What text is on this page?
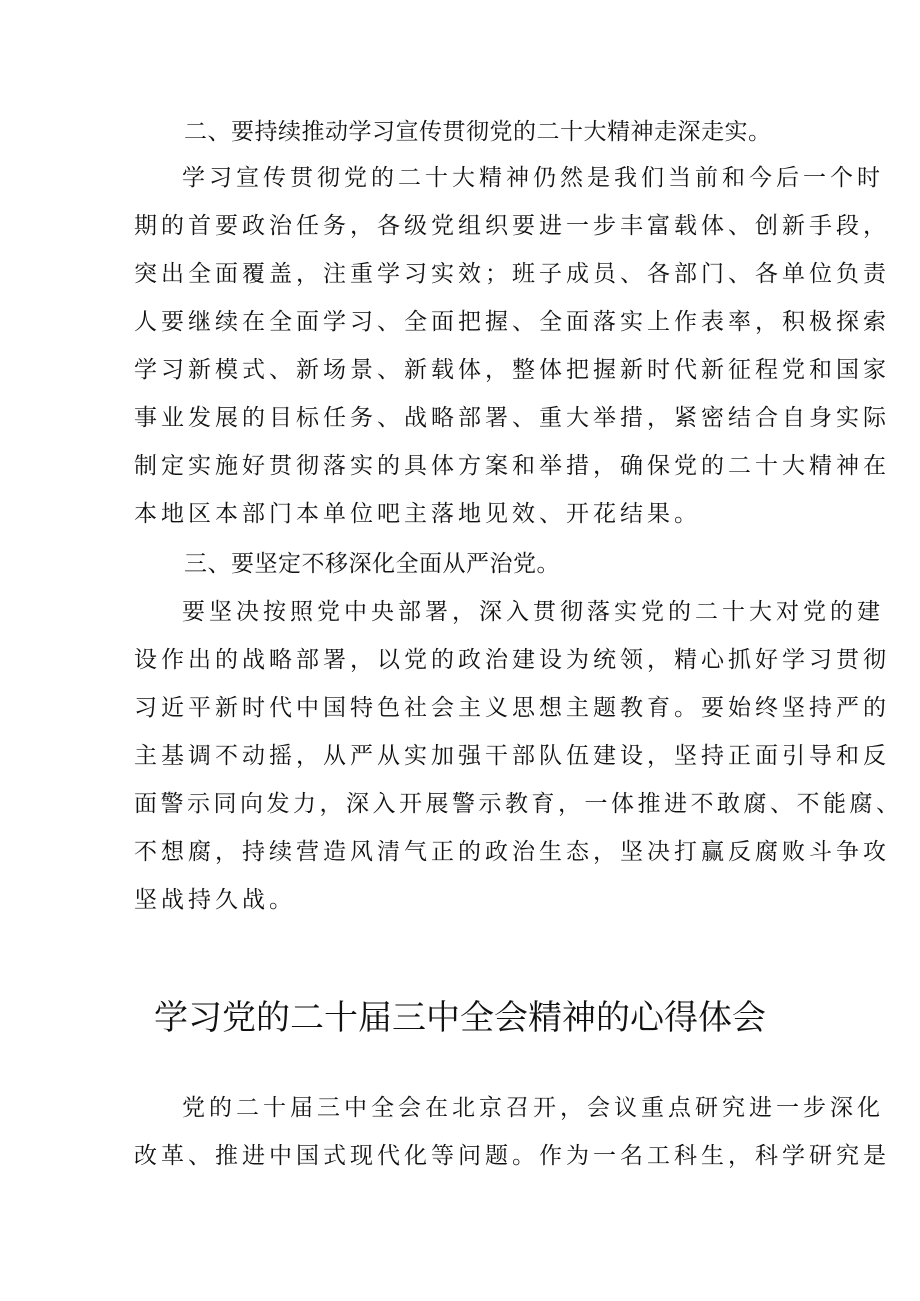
二、要持续推动学习宣传贯彻党的二十大精神走深走实。
学习宣传贯彻党的二十大精神仍然是我们当前和今后一个时
期的首要政治任务，各级党组织要进一步丰富载体、创新手段，
突出全面覆盖，注重学习实效；班子成员、各部门、各单位负责
人要继续在全面学习、全面把握、全面落实上作表率，积极探索
学习新模式、新场景、新载体，整体把握新时代新征程党和国家
事业发展的目标任务、战略部署、重大举措，紧密结合自身实际
制定实施好贯彻落实的具体方案和举措，确保党的二十大精神在
本地区本部门本单位吧主落地见效、开花结果。
三、要坚定不移深化全面从严治党。
要坚决按照党中央部署，深入贯彻落实党的二十大对党的建
设作出的战略部署，以党的政治建设为统领，精心抓好学习贯彻
习近平新时代中国特色社会主义思想主题教育。要始终坚持严的
主基调不动摇，从严从实加强干部队伍建设，坚持正面引导和反
面警示同向发力，深入开展警示教育，一体推进不敢腐、不能腐、
不想腐，持续营造风清气正的政治生态，坚决打赢反腐败斗争攻
坚战持久战。
学习党的二十届三中全会精神的心得体会
党的二十届三中全会在北京召开，会议重点研究进一步深化
改革、推进中国式现代化等问题。作为一名工科生，科学研究是
